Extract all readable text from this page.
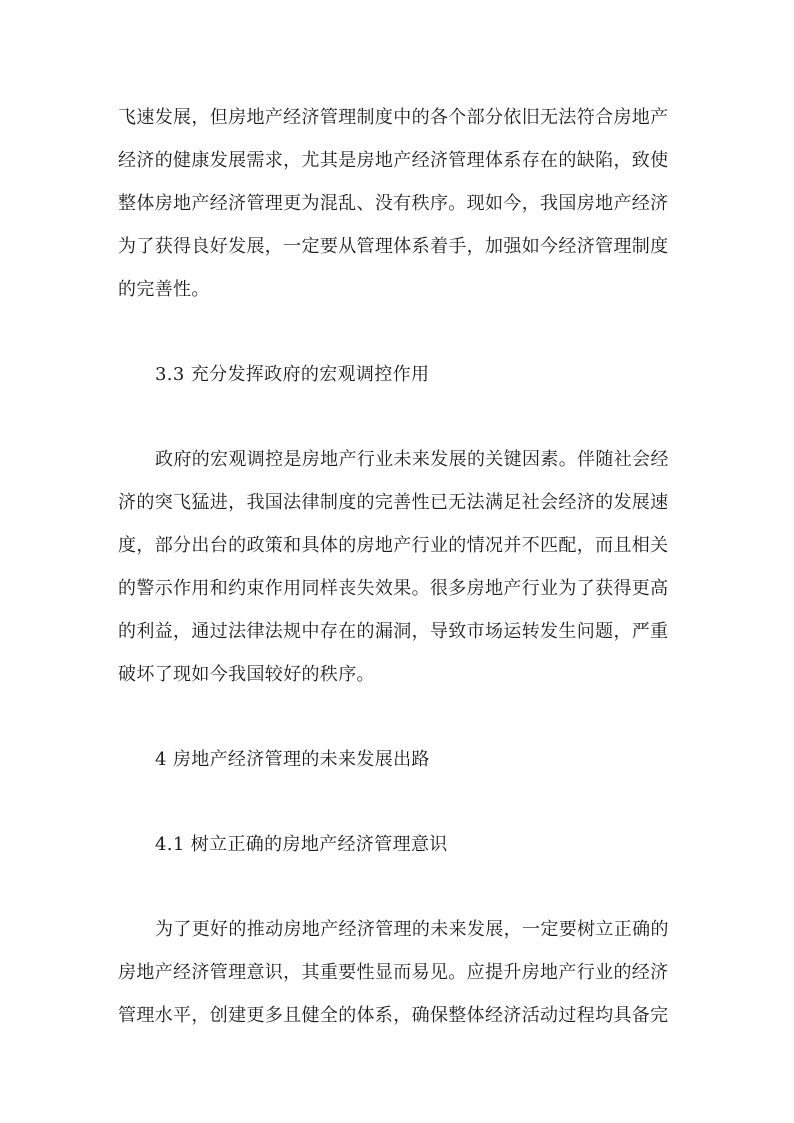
飞速发展，但房地产经济管理制度中的各个部分依旧无法符合房地产
经济的健康发展需求，尤其是房地产经济管理体系存在的缺陷，致使
整体房地产经济管理更为混乱、没有秩序。现如今，我国房地产经济
为了获得良好发展，一定要从管理体系着手，加强如今经济管理制度
的完善性。
3.3 充分发挥政府的宏观调控作用
政府的宏观调控是房地产行业未来发展的关键因素。伴随社会经
济的突飞猛进，我国法律制度的完善性已无法满足社会经济的发展速
度，部分出台的政策和具体的房地产行业的情况并不匹配，而且相关
的警示作用和约束作用同样丧失效果。很多房地产行业为了获得更高
的利益，通过法律法规中存在的漏洞，导致市场运转发生问题，严重
破坏了现如今我国较好的秩序。
4 房地产经济管理的未来发展出路
4.1 树立正确的房地产经济管理意识
为了更好的推动房地产经济管理的未来发展，一定要树立正确的
房地产经济管理意识，其重要性显而易见。应提升房地产行业的经济
管理水平，创建更多且健全的体系，确保整体经济活动过程均具备完
